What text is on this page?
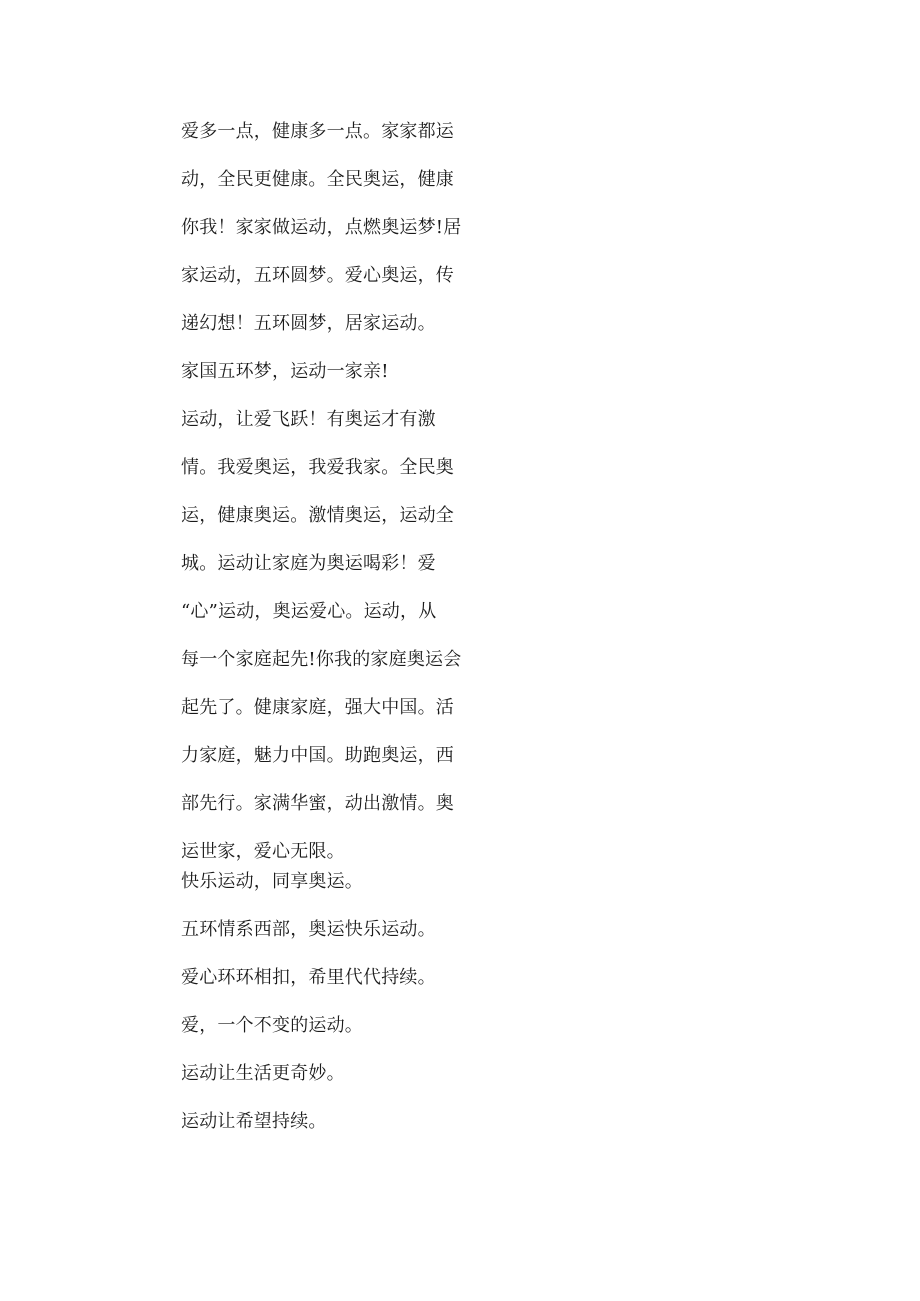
爱多一点，健康多一点。家家都运

动，全民更健康。全民奥运，健康

你我！家家做运动，点燃奥运梦!居

家运动，五环圆梦。爱心奥运，传

递幻想！五环圆梦，居家运动。

家国五环梦，运动一家亲!

运动，让爱飞跃！有奥运才有激

情。我爱奥运，我爱我家。全民奥

运，健康奥运。激情奥运，运动全

城。运动让家庭为奥运喝彩！爱

“心”运动，奥运爱心。运动，从

每一个家庭起先!你我的家庭奥运会

起先了。健康家庭，强大中国。活

力家庭，魅力中国。助跑奥运，西

部先行。家满华蜜，动出激情。奥

运世家，爱心无限。

快乐运动，同享奥运。

五环情系西部，奥运快乐运动。

爱心环环相扣，希里代代持续。

爱，一个不变的运动。

运动让生活更奇妙。

运动让希望持续。
